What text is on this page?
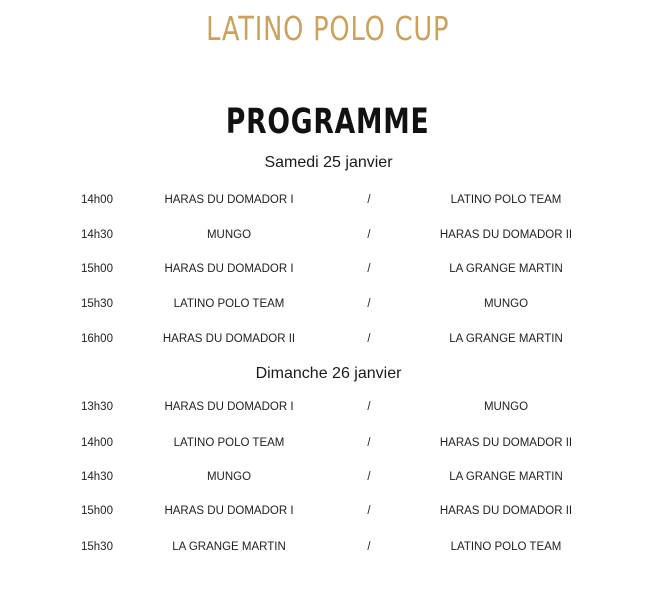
LATINO POLO CUP
PROGRAMME
Samedi 25 janvier
14h00	HARAS DU DOMADOR I	/	LATINO POLO TEAM
14h30	MUNGO	/	HARAS DU DOMADOR II
15h00	HARAS DU DOMADOR I	/	LA GRANGE MARTIN
15h30	LATINO POLO TEAM	/	MUNGO
16h00	HARAS DU DOMADOR II	/	LA GRANGE MARTIN
Dimanche 26 janvier
13h30	HARAS DU DOMADOR I	/	MUNGO
14h00	LATINO POLO TEAM	/	HARAS DU DOMADOR II
14h30	MUNGO	/	LA GRANGE MARTIN
15h00	HARAS DU DOMADOR I	/	HARAS DU DOMADOR II
15h30	LA GRANGE MARTIN	/	LATINO POLO TEAM
